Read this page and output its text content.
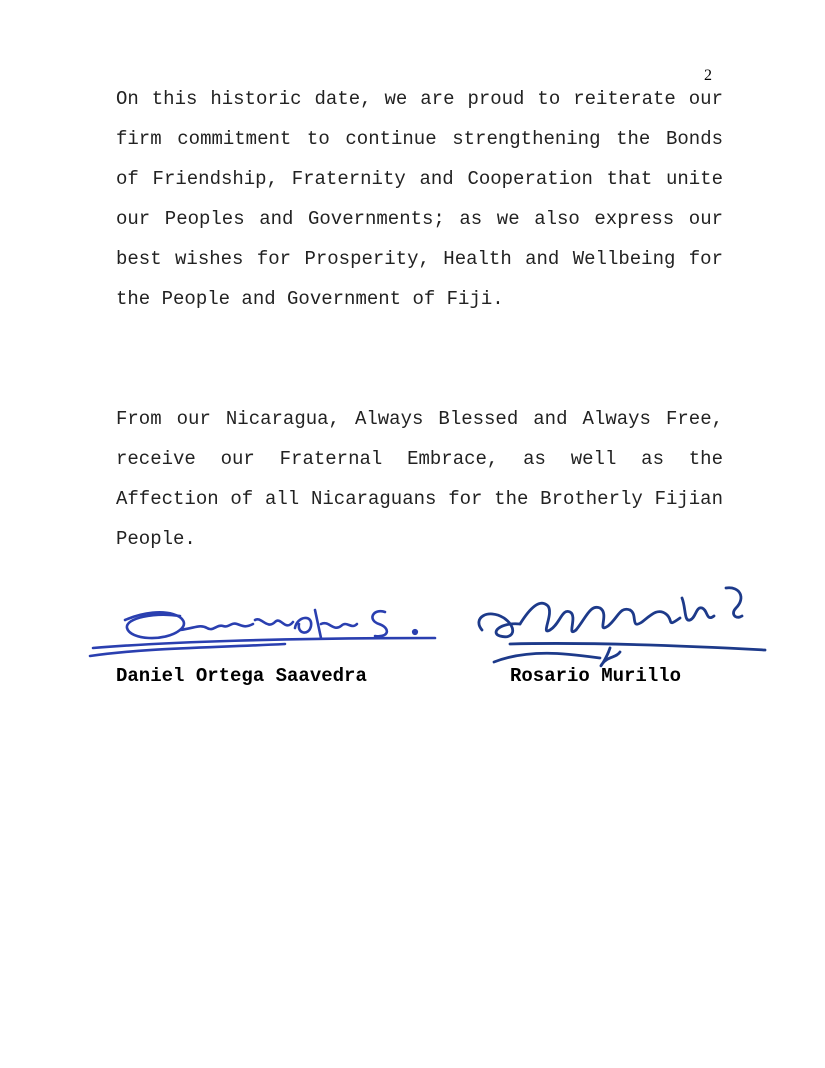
2

On this historic date, we are proud to reiterate our firm commitment to continue strengthening the Bonds of Friendship, Fraternity and Cooperation that unite our Peoples and Governments; as we also express our best wishes for Prosperity, Health and Wellbeing for the People and Government of Fiji.

From our Nicaragua, Always Blessed and Always Free, receive our Fraternal Embrace, as well as the Affection of all Nicaraguans for the Brotherly Fijian People.

Daniel Ortega Saavedra	Rosario Murillo
